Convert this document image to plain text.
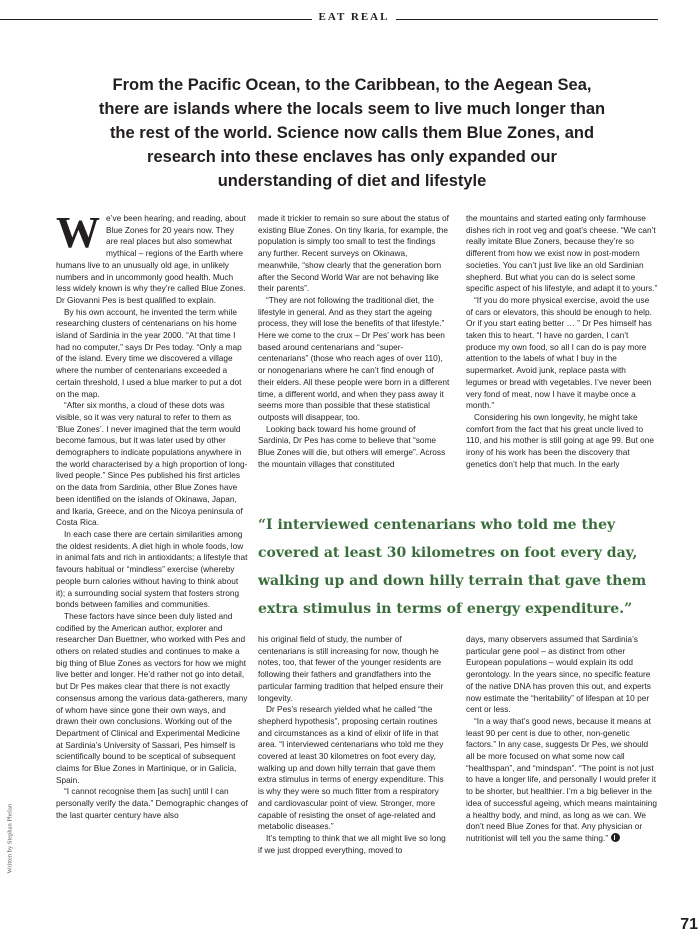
EAT REAL

From the Pacific Ocean, to the Caribbean, to the Aegean Sea, there are islands where the locals seem to live much longer than the rest of the world. Science now calls them Blue Zones, and research into these enclaves has only expanded our understanding of diet and lifestyle

W e’ve been hearing, and reading, about Blue Zones for 20 years now. They are real places but also somewhat mythical – regions of the Earth where humans live to an unusually old age, in unlikely numbers and in uncommonly good health. Much less widely known is why they’re called Blue Zones. Dr Giovanni Pes is best qualified to explain.

By his own account, he invented the term while researching clusters of centenarians on his home island of Sardinia in the year 2000. “At that time I had no computer,” says Dr Pes today. “Only a map of the island. Every time we discovered a village where the number of centenarians exceeded a certain threshold, I used a blue marker to put a dot on the map.

“After six months, a cloud of these dots was visible, so it was very natural to refer to them as ‘Blue Zones’. I never imagined that the term would become famous, but it was later used by other demographers to indicate populations anywhere in the world characterised by a high proportion of long-lived people.” Since Pes published his first articles on the data from Sardinia, other Blue Zones have been identified on the islands of Okinawa, Japan, and Ikaria, Greece, and on the Nicoya peninsula of Costa Rica.

In each case there are certain similarities among the oldest residents. A diet high in whole foods, low in animal fats and rich in antioxidants; a lifestyle that favours habitual or “mindless” exercise (whereby people burn calories without having to think about it); a surrounding social system that fosters strong bonds between families and communities.

These factors have since been duly listed and codified by the American author, explorer and researcher Dan Buettner, who worked with Pes and others on related studies and continues to make a big thing of Blue Zones as vectors for how we might live better and longer. He’d rather not go into detail, but Dr Pes makes clear that there is not exactly consensus among the various data-gatherers, many of whom have since gone their own ways, and drawn their own conclusions. Working out of the Department of Clinical and Experimental Medicine at Sardinia’s University of Sassari, Pes himself is scientifically bound to be sceptical of subsequent claims for Blue Zones in Martinique, or in Galicia, Spain.

“I cannot recognise them [as such] until I can personally verify the data.” Demographic changes of the last quarter century have also

made it trickier to remain so sure about the status of existing Blue Zones. On tiny Ikaria, for example, the population is simply too small to test the findings any further. Recent surveys on Okinawa, meanwhile, “show clearly that the generation born after the Second World War are not behaving like their parents”.

“They are not following the traditional diet, the lifestyle in general. And as they start the ageing process, they will lose the benefits of that lifestyle.” Here we come to the crux – Dr Pes’ work has been based around centenarians and “super-centenarians” (those who reach ages of over 110), or nonogenarians where he can’t find enough of their elders. All these people were born in a different time, a different world, and when they pass away it seems more than possible that these statistical outposts will disappear, too.

Looking back toward his home ground of Sardinia, Dr Pes has come to believe that “some Blue Zones will die, but others will emerge”. Across the mountain villages that constituted

the mountains and started eating only farmhouse dishes rich in root veg and goat’s cheese. “We can’t really imitate Blue Zoners, because they’re so different from how we exist now in post-modern societies. You can’t just live like an old Sardinian shepherd. But what you can do is select some specific aspect of his lifestyle, and adapt it to yours.”

“If you do more physical exercise, avoid the use of cars or elevators, this should be enough to help. Or if you start eating better … ” Dr Pes himself has taken this to heart. “I have no garden, I can’t produce my own food, so all I can do is pay more attention to the labels of what I buy in the supermarket. Avoid junk, replace pasta with legumes or bread with vegetables. I’ve never been very fond of meat, now I have it maybe once a month.”

Considering his own longevity, he might take comfort from the fact that his great uncle lived to 110, and his mother is still going at age 99. But one irony of his work has been the discovery that genetics don’t help that much. In the early

“I interviewed centenarians who told me they covered at least 30 kilometres on foot every day, walking up and down hilly terrain that gave them extra stimulus in terms of energy expenditure.”

his original field of study, the number of centenarians is still increasing for now, though he notes, too, that fewer of the younger residents are following their fathers and grandfathers into the particular farming tradition that helped ensure their longevity.

Dr Pes’s research yielded what he called “the shepherd hypothesis”, proposing certain routines and circumstances as a kind of elixir of life in that area. “I interviewed centenarians who told me they covered at least 30 kilometres on foot every day, walking up and down hilly terrain that gave them extra stimulus in terms of energy expenditure. This is why they were so much fitter from a respiratory and cardiovascular point of view. Stronger, more capable of resisting the onset of age-related and metabolic diseases.”

It’s tempting to think that we all might live so long if we just dropped everything, moved to

days, many observers assumed that Sardinia’s particular gene pool – as distinct from other European populations – would explain its odd gerontology. In the years since, no specific feature of the native DNA has proven this out, and experts now estimate the “heritability” of lifespan at 10 per cent or less.

“In a way that’s good news, because it means at least 90 per cent is due to other, non-genetic factors.” In any case, suggests Dr Pes, we should all be more focused on what some now call “healthspan”, and “mindspan”. “The point is not just to have a longer life, and personally I would prefer it to be shorter, but healthier. I’m a big believer in the idea of successful ageing, which means maintaining a healthy body, and mind, as long as we can. We don’t need Blue Zones for that. Any physician or nutritionist will tell you the same thing.”

Written by Stephan Phelan
71
